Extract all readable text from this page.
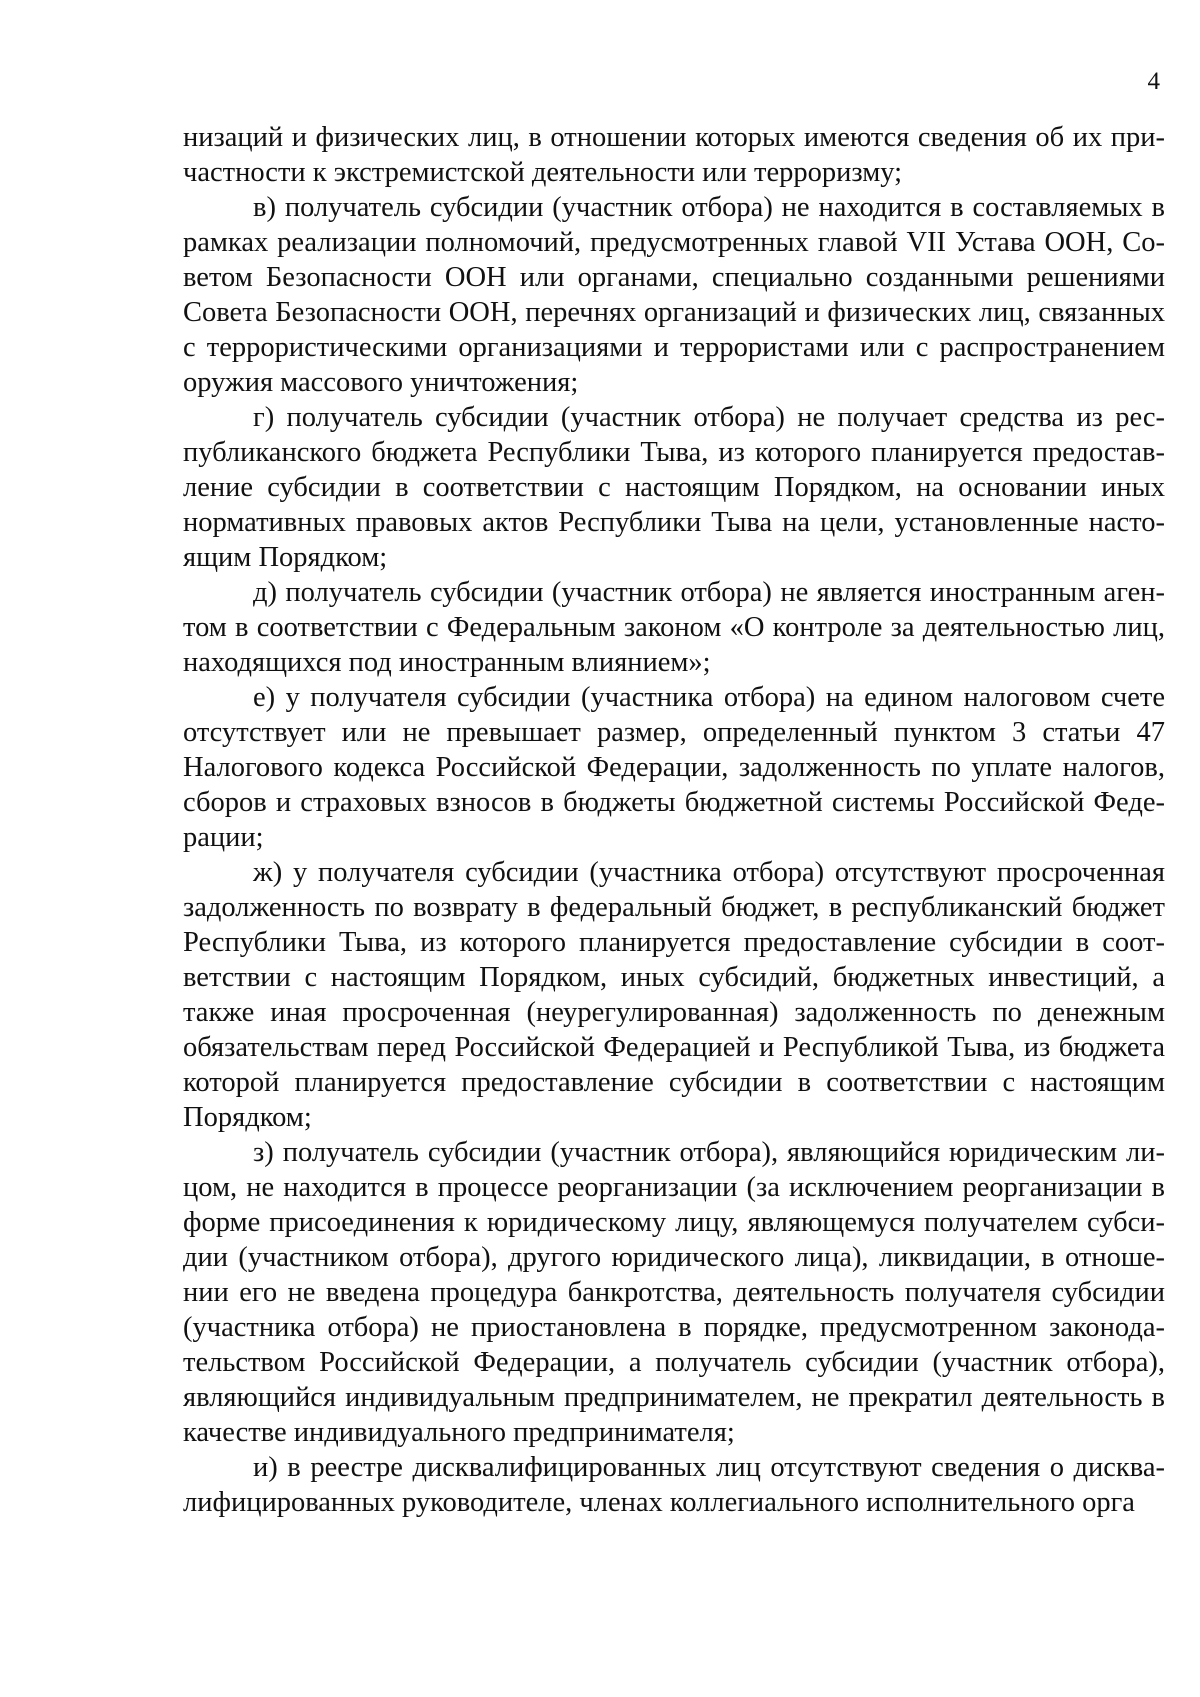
4

низаций и физических лиц, в отношении которых имеются сведения об их причастности к экстремистской деятельности или терроризму;

в) получатель субсидии (участник отбора) не находится в составляемых в рамках реализации полномочий, предусмотренных главой VII Устава ООН, Советом Безопасности ООН или органами, специально созданными решениями Совета Безопасности ООН, перечнях организаций и физических лиц, связанных с террористическими организациями и террористами или с распространением оружия массового уничтожения;

г) получатель субсидии (участник отбора) не получает средства из республиканского бюджета Республики Тыва, из которого планируется предоставление субсидии в соответствии с настоящим Порядком, на основании иных нормативных правовых актов Республики Тыва на цели, установленные настоящим Порядком;

д) получатель субсидии (участник отбора) не является иностранным агентом в соответствии с Федеральным законом «О контроле за деятельностью лиц, находящихся под иностранным влиянием»;

е) у получателя субсидии (участника отбора) на едином налоговом счете отсутствует или не превышает размер, определенный пунктом 3 статьи 47 Налогового кодекса Российской Федерации, задолженность по уплате налогов, сборов и страховых взносов в бюджеты бюджетной системы Российской Федерации;

ж) у получателя субсидии (участника отбора) отсутствуют просроченная задолженность по возврату в федеральный бюджет, в республиканский бюджет Республики Тыва, из которого планируется предоставление субсидии в соответствии с настоящим Порядком, иных субсидий, бюджетных инвестиций, а также иная просроченная (неурегулированная) задолженность по денежным обязательствам перед Российской Федерацией и Республикой Тыва, из бюджета которой планируется предоставление субсидии в соответствии с настоящим Порядком;

з) получатель субсидии (участник отбора), являющийся юридическим лицом, не находится в процессе реорганизации (за исключением реорганизации в форме присоединения к юридическому лицу, являющемуся получателем субсидии (участником отбора), другого юридического лица), ликвидации, в отношении его не введена процедура банкротства, деятельность получателя субсидии (участника отбора) не приостановлена в порядке, предусмотренном законодательством Российской Федерации, а получатель субсидии (участник отбора), являющийся индивидуальным предпринимателем, не прекратил деятельность в качестве индивидуального предпринимателя;

и) в реестре дисквалифицированных лиц отсутствуют сведения о дисквалифицированных руководителе, членах коллегиального исполнительного орга
